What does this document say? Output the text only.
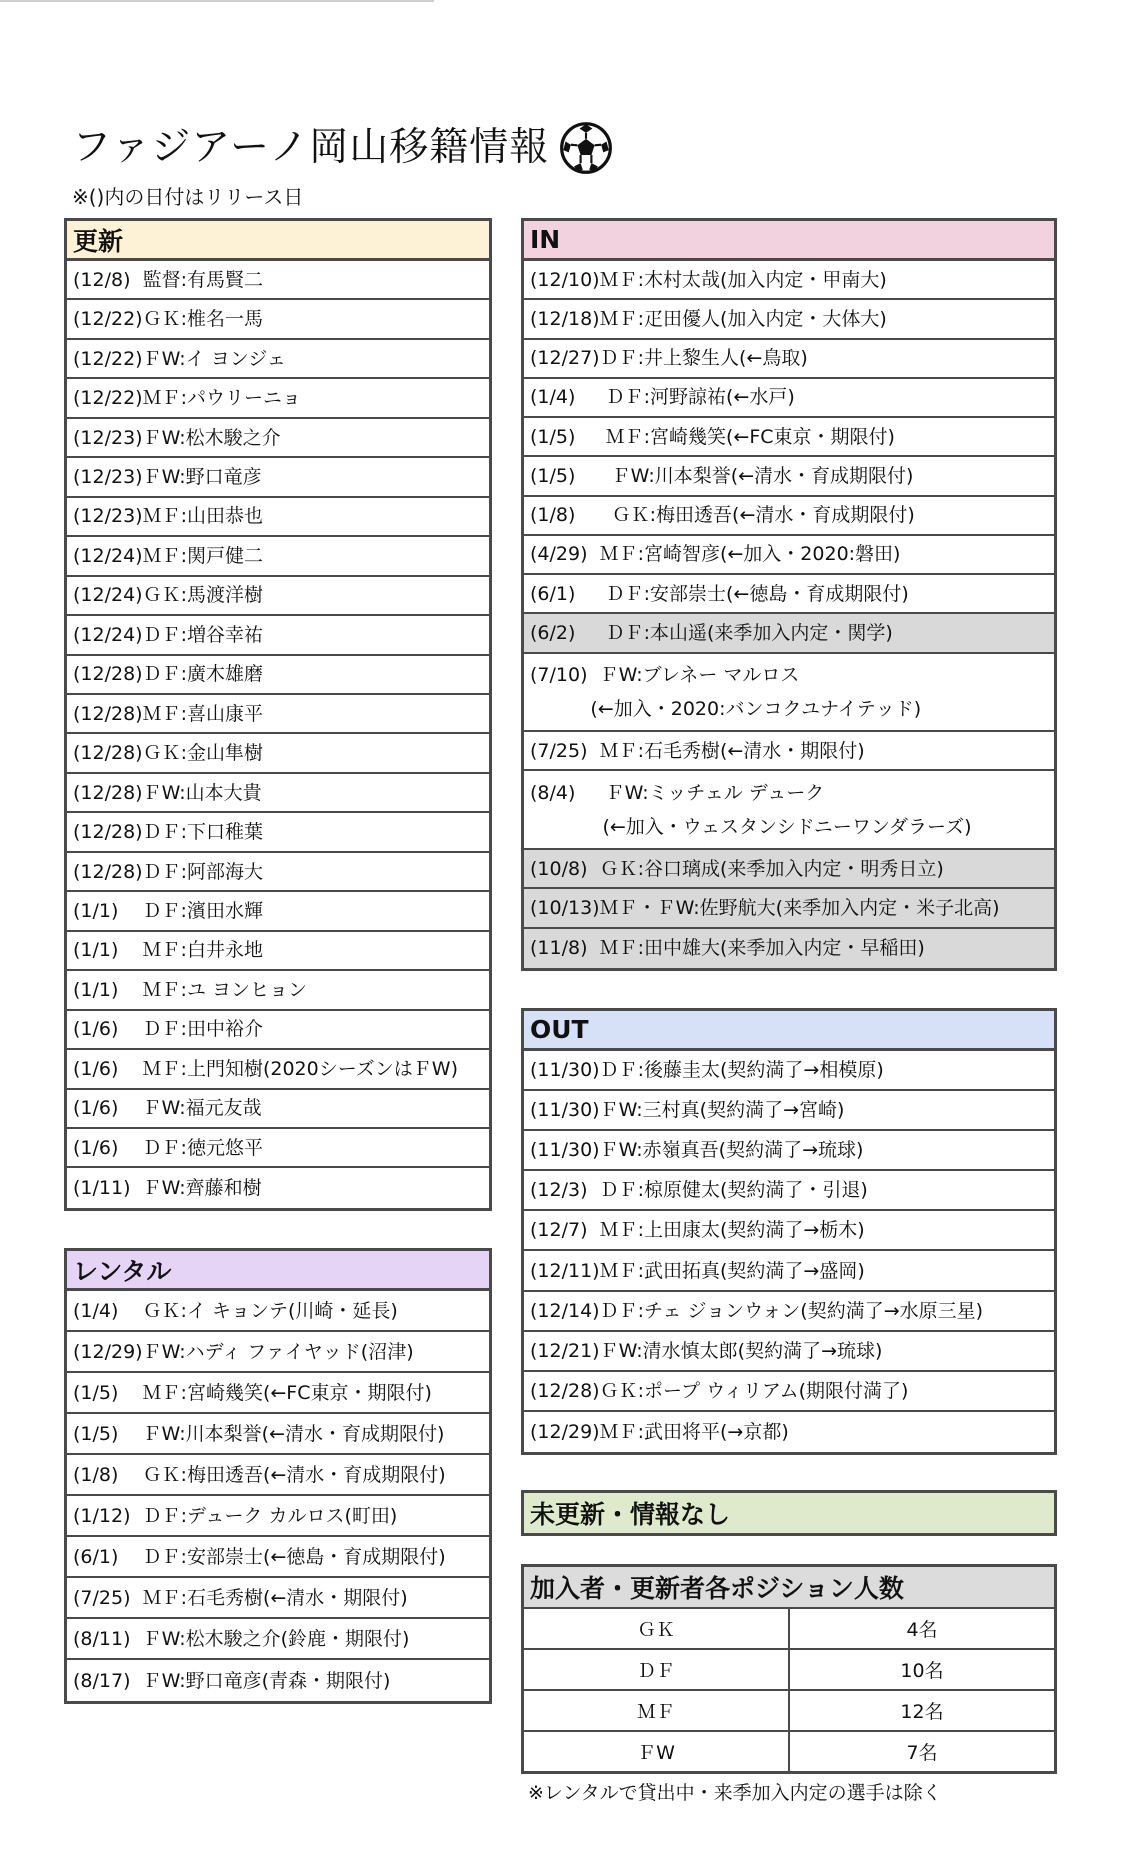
ファジアーノ岡山移籍情報
※()内の日付はリリース日
更新
(12/8)  監督:有馬賢二
(12/22)ＧＫ:椎名一馬
(12/22)ＦW:イ ヨンジェ
(12/22)ＭＦ:パウリーニョ
(12/23)ＦW:松木駿之介
(12/23)ＦW:野口竜彦
(12/23)ＭＦ:山田恭也
(12/24)ＭＦ:関戸健二
(12/24)ＧＫ:馬渡洋樹
(12/24)ＤＦ:増谷幸祐
(12/28)ＤＦ:廣木雄磨
(12/28)ＭＦ:喜山康平
(12/28)ＧＫ:金山隼樹
(12/28)ＦW:山本大貴
(12/28)ＤＦ:下口稚葉
(12/28)ＤＦ:阿部海大
(1/1)    ＤＦ:濱田水輝
(1/1)    ＭＦ:白井永地
(1/1)    ＭＦ:ユ ヨンヒョン
(1/6)    ＤＦ:田中裕介
(1/6)    ＭＦ:上門知樹(2020シーズンはＦW)
(1/6)    ＦW:福元友哉
(1/6)    ＤＦ:徳元悠平
(1/11)  ＦW:齊藤和樹
レンタル
(1/4)    ＧＫ:イ キョンテ(川崎・延長)
(12/29)ＦW:ハディ ファイヤッド(沼津)
(1/5)    ＭＦ:宮崎幾笑(←FC東京・期限付)
(1/5)    ＦW:川本梨誉(←清水・育成期限付)
(1/8)    ＧＫ:梅田透吾(←清水・育成期限付)
(1/12)  ＤＦ:デューク カルロス(町田)
(6/1)    ＤＦ:安部崇士(←徳島・育成期限付)
(7/25)  ＭＦ:石毛秀樹(←清水・期限付)
(8/11)  ＦW:松木駿之介(鈴鹿・期限付)
(8/17)  ＦW:野口竜彦(青森・期限付)
IN
(12/10)ＭＦ:木村太哉(加入内定・甲南大)
(12/18)ＭＦ:疋田優人(加入内定・大体大)
(12/27)ＤＦ:井上黎生人(←鳥取)
(1/4)     ＤＦ:河野諒祐(←水戸)
(1/5)     ＭＦ:宮崎幾笑(←FC東京・期限付)
(1/5)      ＦW:川本梨誉(←清水・育成期限付)
(1/8)      ＧＫ:梅田透吾(←清水・育成期限付)
(4/29)  ＭＦ:宮崎智彦(←加入・2020:磐田)
(6/1)     ＤＦ:安部崇士(←徳島・育成期限付)
(6/2)     ＤＦ:本山遥(来季加入内定・関学)
(7/10)  ＦW:ブレネー マルロス
(←加入・2020:バンコクユナイテッド)
(7/25)  ＭＦ:石毛秀樹(←清水・期限付)
(8/4)     ＦW:ミッチェル デューク
(←加入・ウェスタンシドニーワンダラーズ)
(10/8)  ＧＫ:谷口璃成(来季加入内定・明秀日立)
(10/13)ＭＦ・ＦW:佐野航大(来季加入内定・米子北高)
(11/8)  ＭＦ:田中雄大(来季加入内定・早稲田)
OUT
(11/30)ＤＦ:後藤圭太(契約満了→相模原)
(11/30)ＦW:三村真(契約満了→宮崎)
(11/30)ＦW:赤嶺真吾(契約満了→琉球)
(12/3)  ＤＦ:椋原健太(契約満了・引退)
(12/7)  ＭＦ:上田康太(契約満了→栃木)
(12/11)ＭＦ:武田拓真(契約満了→盛岡)
(12/14)ＤＦ:チェ ジョンウォン(契約満了→水原三星)
(12/21)ＦW:清水慎太郎(契約満了→琉球)
(12/28)ＧＫ:ポープ ウィリアム(期限付満了)
(12/29)ＭＦ:武田将平(→京都)
未更新・情報なし
加入者・更新者各ポジション人数
ＧＫ	4名
ＤＦ	10名
ＭＦ	12名
ＦW	7名
※レンタルで貸出中・来季加入内定の選手は除く
